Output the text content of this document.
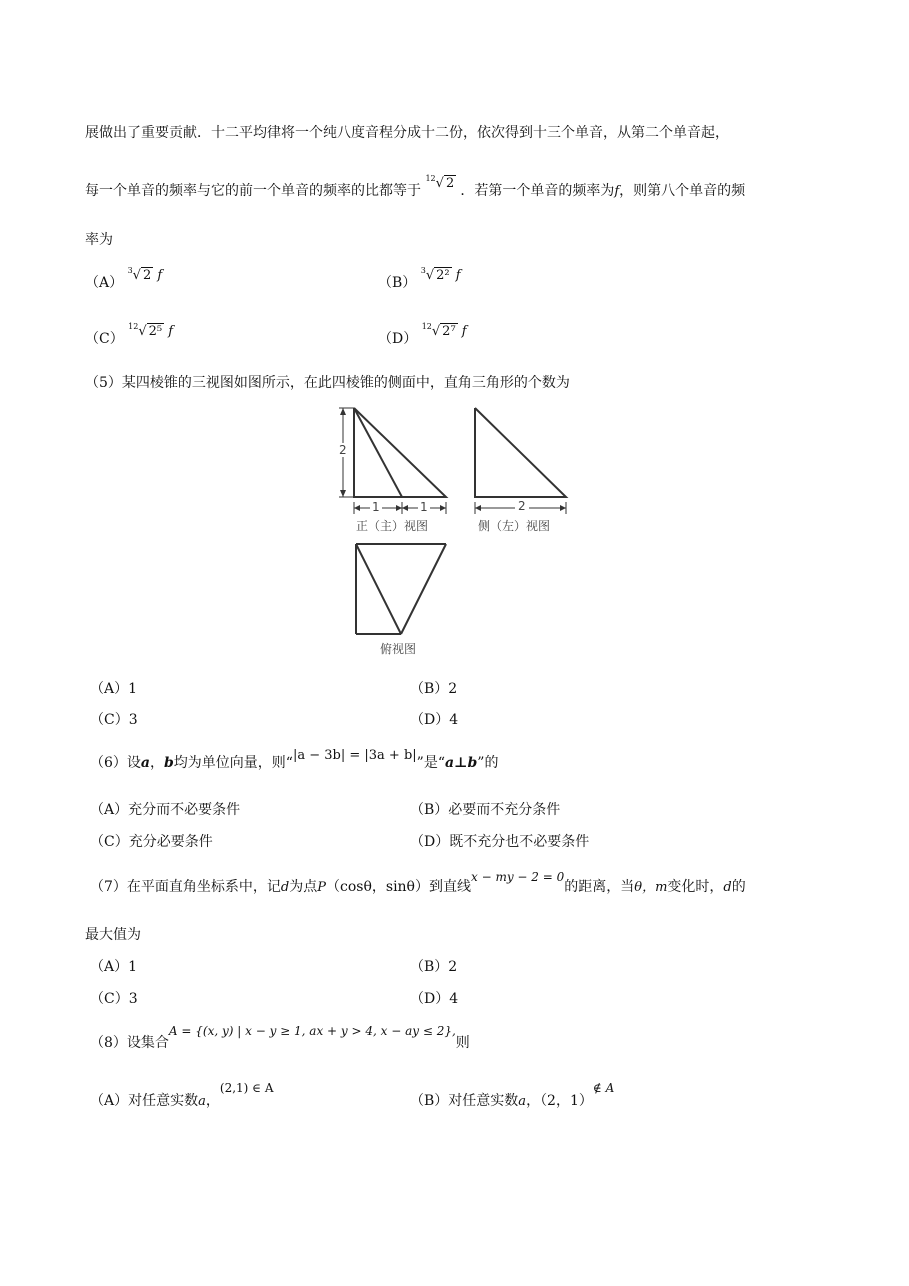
展做出了重要贡献．十二平均律将一个纯八度音程分成十二份，依次得到十三个单音，从第二个单音起，
每一个单音的频率与它的前一个单音的频率的比都等于 $^{12}$√ 2 ．若第一个单音的频率为f，则第八个单音的频
率为
（A） $^3$√ 2 f	（B） $^3$√ 2² f
（C） $^{12}$√ 2⁵ f	（D） $^{12}$√ 2⁷ f
（5）某四棱锥的三视图如图所示，在此四棱锥的侧面中，直角三角形的个数为
2
1	1
正（主）视图
2
侧（左）视图
俯视图
（A）1	（B）2
（C）3	（D）4
（6）设a，b均为单位向量，则“|a − 3b| = |3a + b|”是“a⊥b”的
（A）充分而不必要条件	（B）必要而不充分条件
（C）充分必要条件	（D）既不充分也不必要条件
（7）在平面直角坐标系中，记d为点P（cosθ，sinθ）到直线x − my − 2 = 0的距离，当θ，m变化时，d的
最大值为
（A）1	（B）2
（C）3	（D）4
（8）设集合A = {(x, y) | x − y ≥ 1, ax + y > 4, x − ay ≤ 2},则
（A）对任意实数a，(2,1) ∈ A
（B）对任意实数a，（2，1）∉ A
